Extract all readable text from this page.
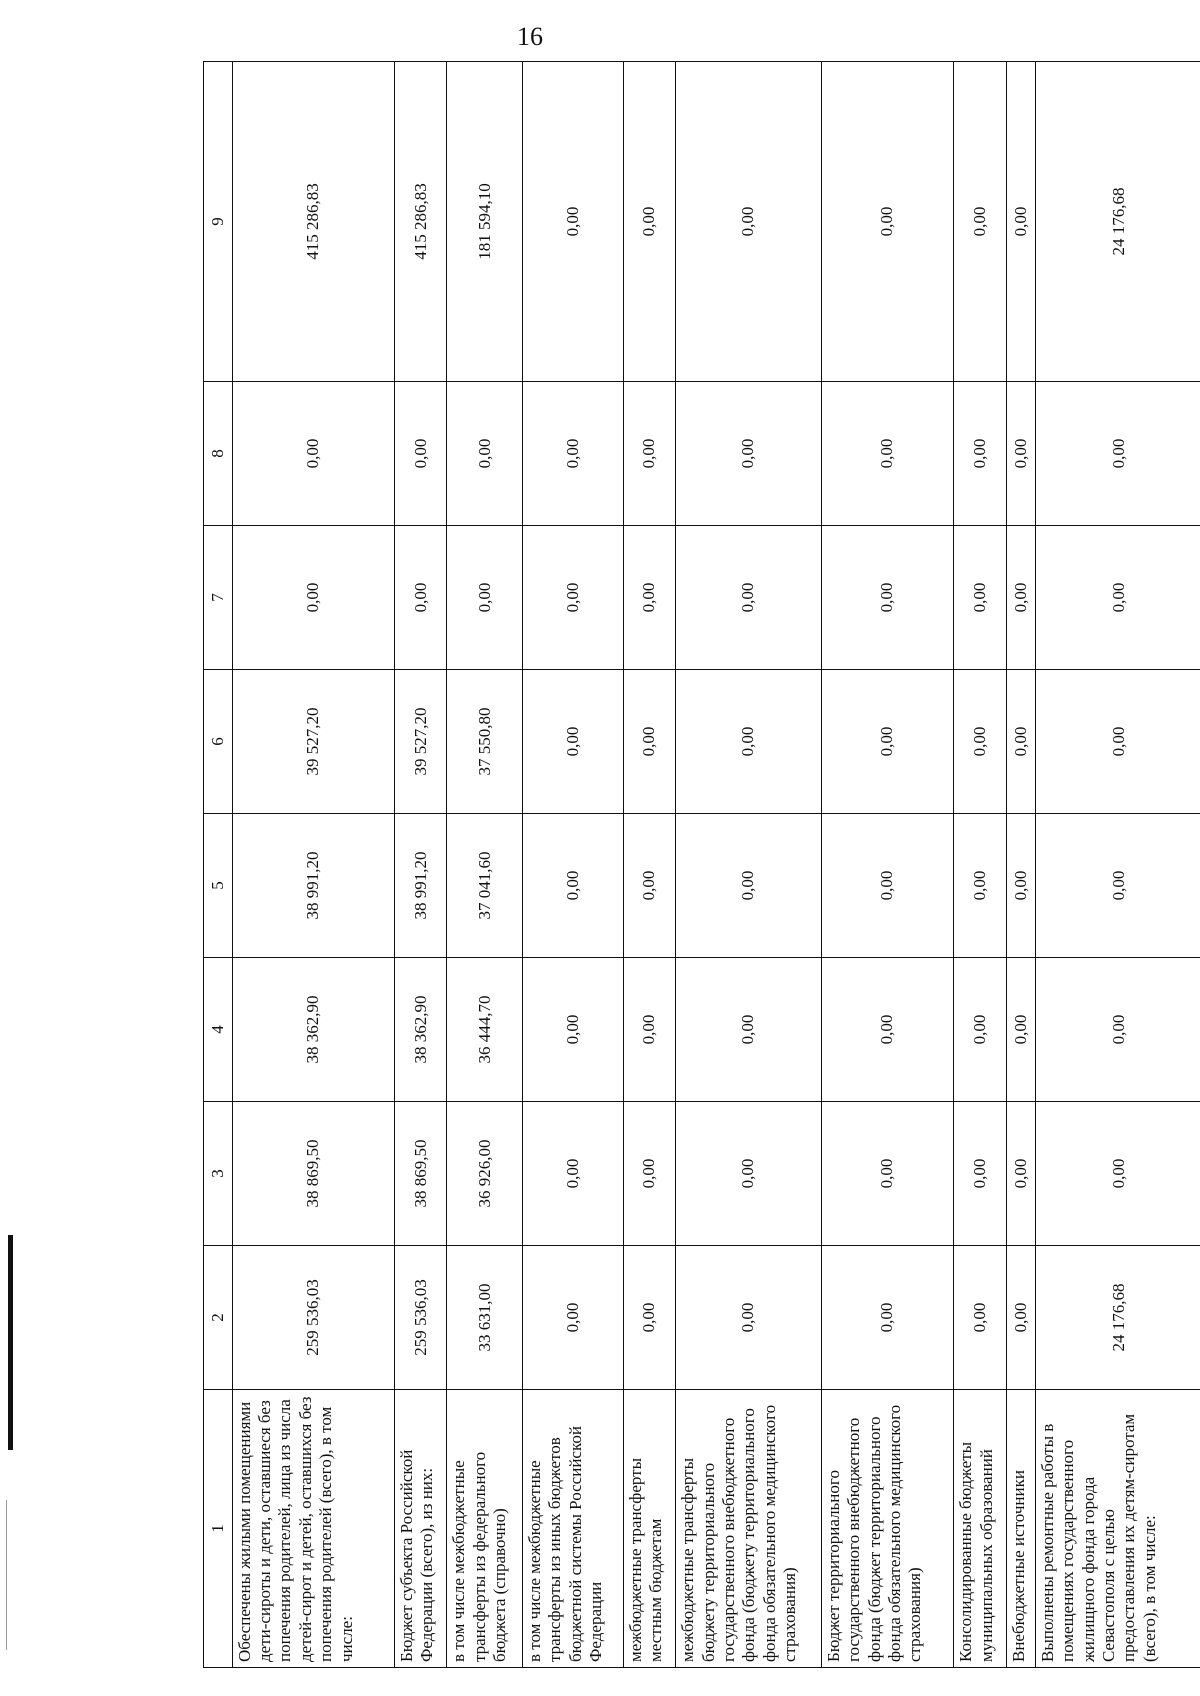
16
1	2	3	4	5	6	7	8	9
Обеспечены жилыми помещениями дети-сироты и дети, оставшиеся без попечения родителей, лица из числа детей-сирот и детей, оставшихся без попечения родителей (всего), в том числе:	259 536,03	38 869,50	38 362,90	38 991,20	39 527,20	0,00	0,00	415 286,83
Бюджет субъекта Российской Федерации (всего), из них:	259 536,03	38 869,50	38 362,90	38 991,20	39 527,20	0,00	0,00	415 286,83
в том числе межбюджетные трансферты из федерального бюджета (справочно)	33 631,00	36 926,00	36 444,70	37 041,60	37 550,80	0,00	0,00	181 594,10
в том числе межбюджетные трансферты из иных бюджетов бюджетной системы Российской Федерации	0,00	0,00	0,00	0,00	0,00	0,00	0,00	0,00
межбюджетные трансферты местным бюджетам	0,00	0,00	0,00	0,00	0,00	0,00	0,00	0,00
межбюджетные трансферты бюджету территориального государственного внебюджетного фонда (бюджету территориального фонда обязательного медицинского страхования)	0,00	0,00	0,00	0,00	0,00	0,00	0,00	0,00
Бюджет территориального государственного внебюджетного фонда (бюджет территориального фонда обязательного медицинского страхования)	0,00	0,00	0,00	0,00	0,00	0,00	0,00	0,00
Консолидированные бюджеты муниципальных образований	0,00	0,00	0,00	0,00	0,00	0,00	0,00	0,00
Внебюджетные источники	0,00	0,00	0,00	0,00	0,00	0,00	0,00	0,00
Выполнены ремонтные работы в помещениях государственного жилищного фонда города Севастополя с целью предоставления их детям-сиротам (всего), в том числе:	24 176,68	0,00	0,00	0,00	0,00	0,00	0,00	24 176,68
